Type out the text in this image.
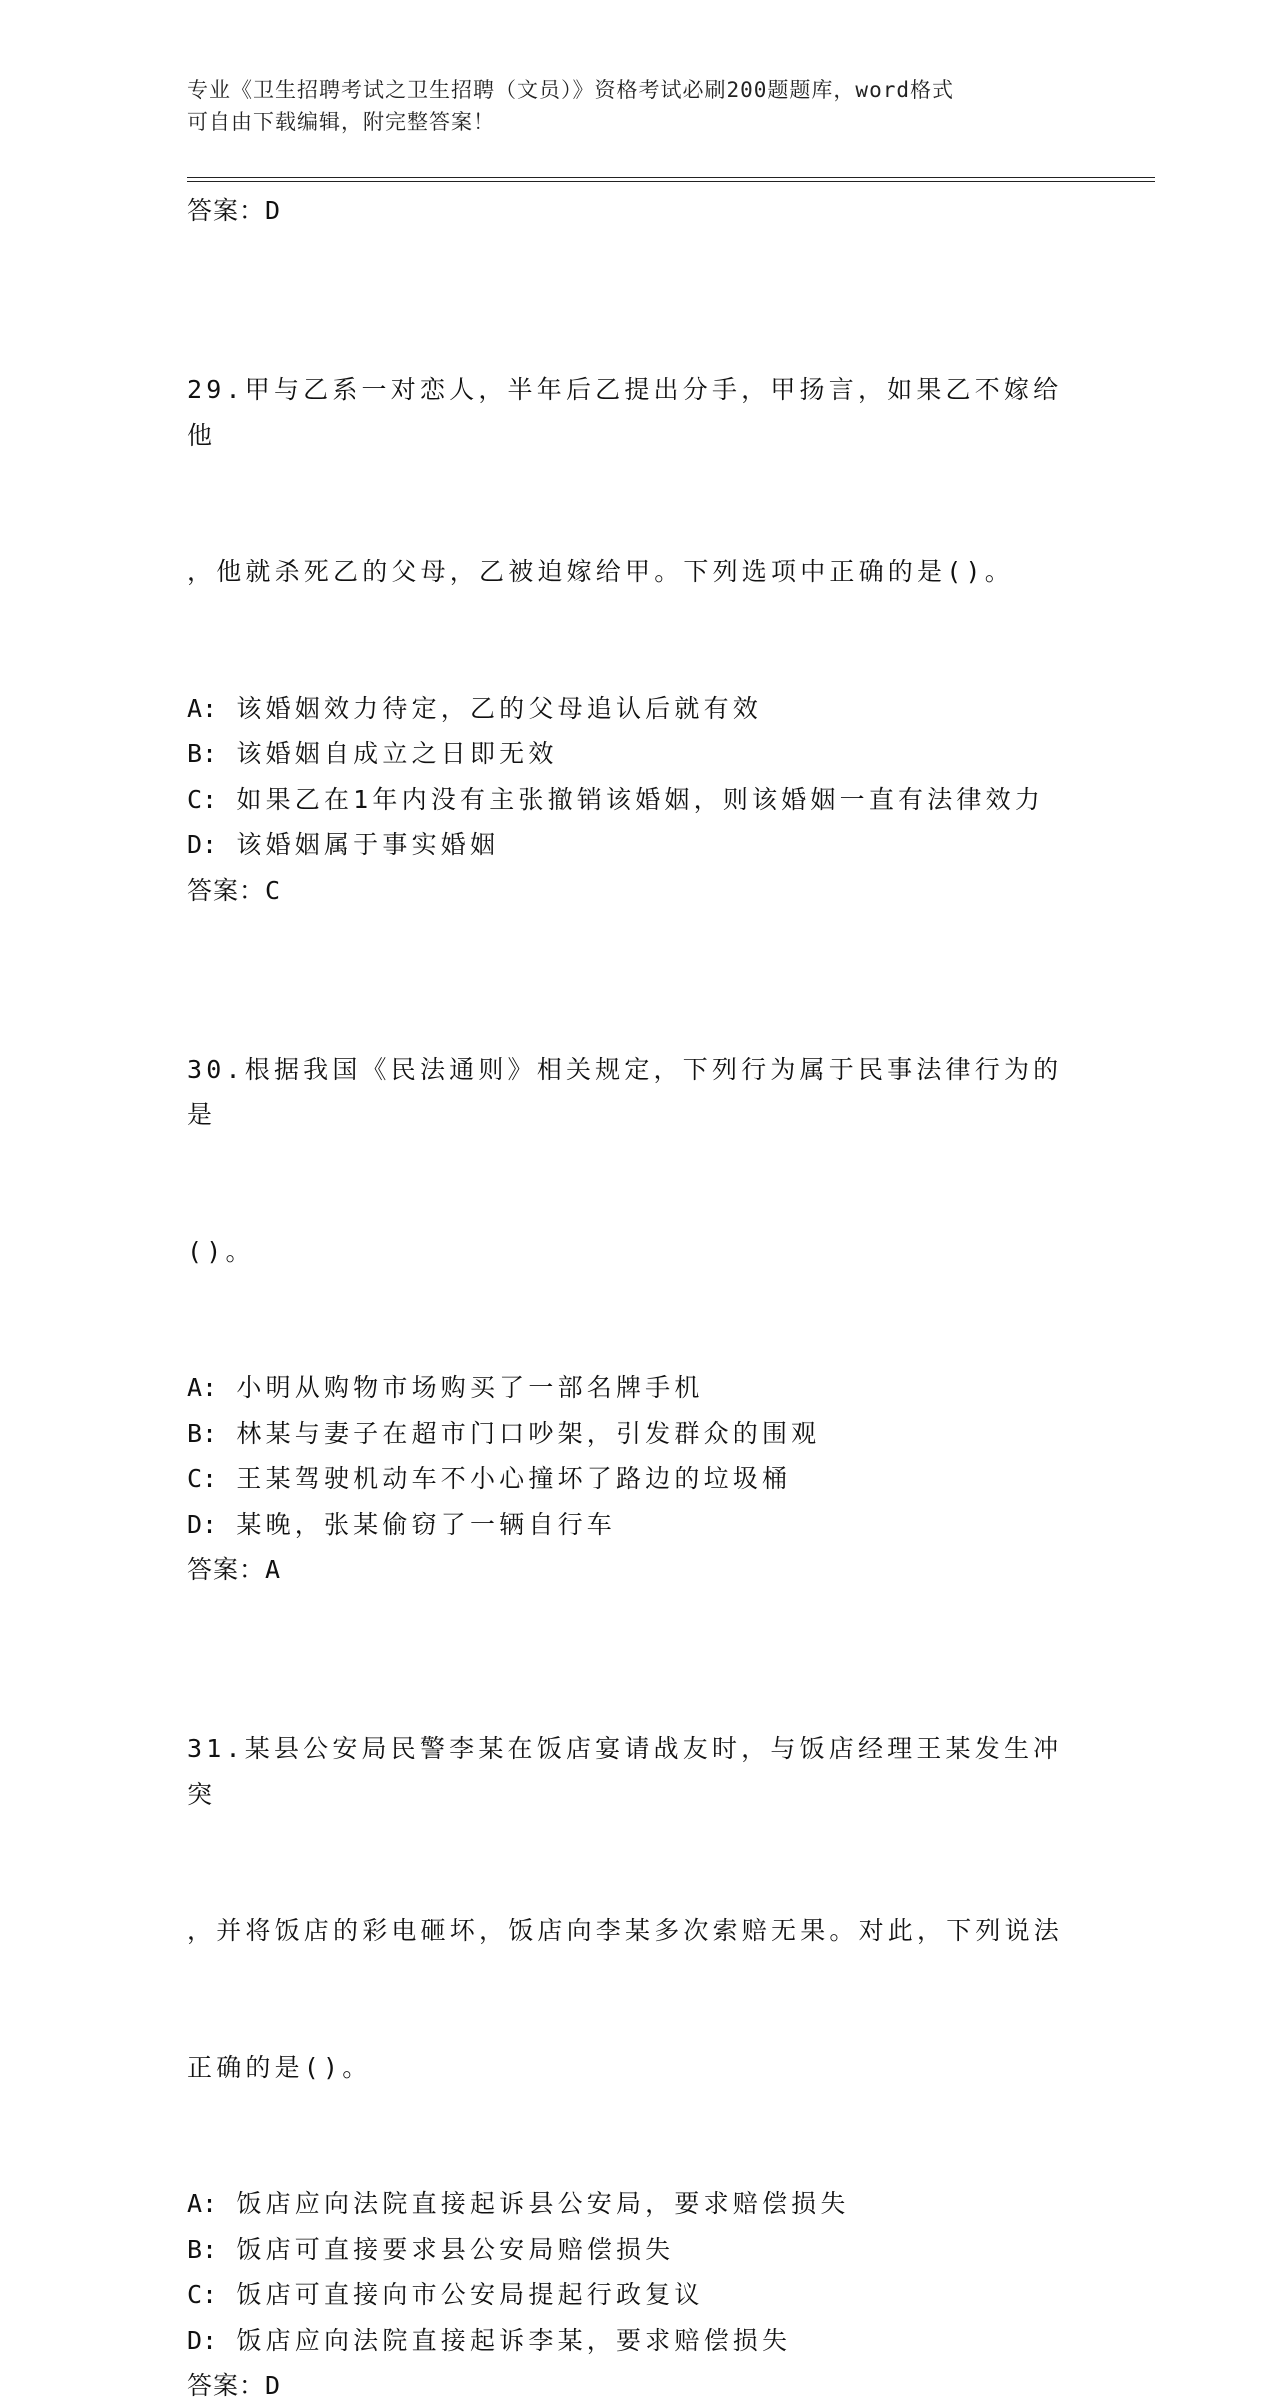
专业《卫生招聘考试之卫生招聘（文员）》资格考试必刷200题题库，word格式
可自由下载编辑，附完整答案！
答案：D

29.甲与乙系一对恋人，半年后乙提出分手，甲扬言，如果乙不嫁给他

，他就杀死乙的父母，乙被迫嫁给甲。下列选项中正确的是()。

A: 该婚姻效力待定，乙的父母追认后就有效
B: 该婚姻自成立之日即无效
C: 如果乙在1年内没有主张撤销该婚姻，则该婚姻一直有法律效力
D: 该婚姻属于事实婚姻
答案：C

30.根据我国《民法通则》相关规定，下列行为属于民事法律行为的是

()。

A: 小明从购物市场购买了一部名牌手机
B: 林某与妻子在超市门口吵架，引发群众的围观
C: 王某驾驶机动车不小心撞坏了路边的垃圾桶
D: 某晚，张某偷窃了一辆自行车
答案：A

31.某县公安局民警李某在饭店宴请战友时，与饭店经理王某发生冲突

，并将饭店的彩电砸坏，饭店向李某多次索赔无果。对此，下列说法

正确的是()。

A: 饭店应向法院直接起诉县公安局，要求赔偿损失
B: 饭店可直接要求县公安局赔偿损失
C: 饭店可直接向市公安局提起行政复议
D: 饭店应向法院直接起诉李某，要求赔偿损失
答案：D
